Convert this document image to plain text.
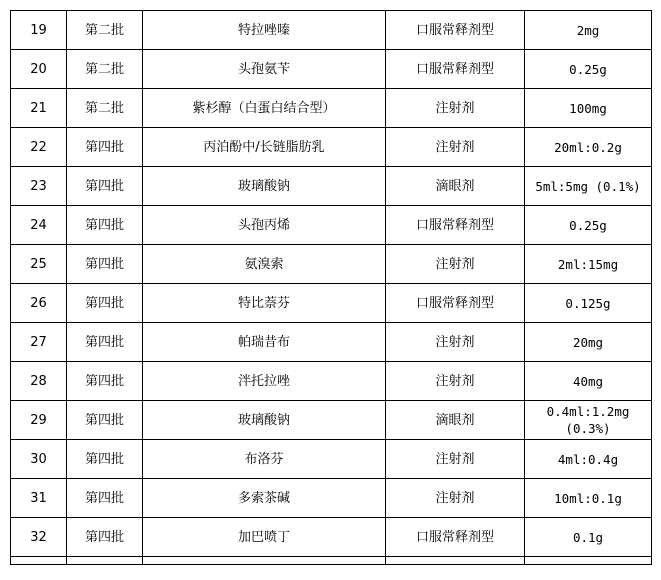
19	第二批	特拉唑嗪	口服常释剂型	2mg
20	第二批	头孢氨苄	口服常释剂型	0.25g
21	第二批	紫杉醇（白蛋白结合型）	注射剂	100mg
22	第四批	丙泊酚中/长链脂肪乳	注射剂	20ml:0.2g
23	第四批	玻璃酸钠	滴眼剂	5ml:5mg (0.1%)
24	第四批	头孢丙烯	口服常释剂型	0.25g
25	第四批	氨溴索	注射剂	2ml:15mg
26	第四批	特比萘芬	口服常释剂型	0.125g
27	第四批	帕瑞昔布	注射剂	20mg
28	第四批	泮托拉唑	注射剂	40mg
29	第四批	玻璃酸钠	滴眼剂	0.4ml:1.2mg (0.3%)
30	第四批	布洛芬	注射剂	4ml:0.4g
31	第四批	多索茶碱	注射剂	10ml:0.1g
32	第四批	加巴喷丁	口服常释剂型	0.1g
